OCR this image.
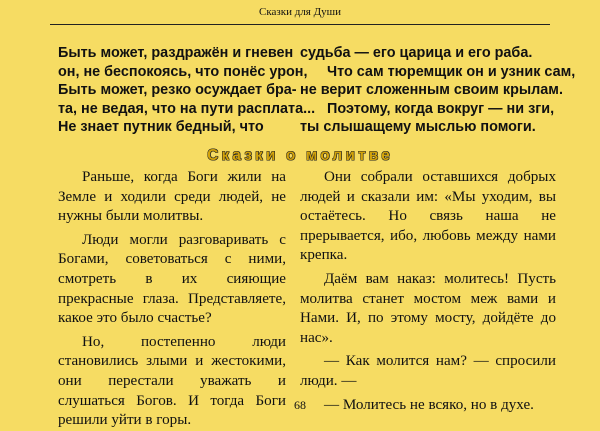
Сказки для Души
Быть может, раздражён и гневен
он, не беспокоясь, что понёс урон,
Быть может, резко осуждает бра-
та, не ведая, что на пути расплата...
Не знает путник бедный, что
судьба — его царица и его раба.
Что сам тюремщик он и узник сам,
не верит сложенным своим крылам.
Поэтому, когда вокруг — ни зги,
ты слышащему мыслью помоги.
Сказки о молитве

Раньше, когда Боги жили на Земле и ходили среди людей, не нужны были молитвы.

Люди могли разговаривать с Богами, советоваться с ними, смотреть в их сияющие прекрасные глаза. Представляете, какое это было счастье?

Но, постепенно люди становились злыми и жестокими, они перестали уважать и слушаться Богов. И тогда Боги решили уйти в горы.

Они собрали оставшихся добрых людей и сказали им: «Мы уходим, вы остаётесь. Но связь наша не прерывается, ибо, любовь между нами крепка.

Даём вам наказ: молитесь! Пусть молитва станет мостом меж вами и Нами. И, по этому мосту, дойдёте до нас».

— Как молится нам? — спросили люди. —

— Молитесь не всяко, но в духе.

68
